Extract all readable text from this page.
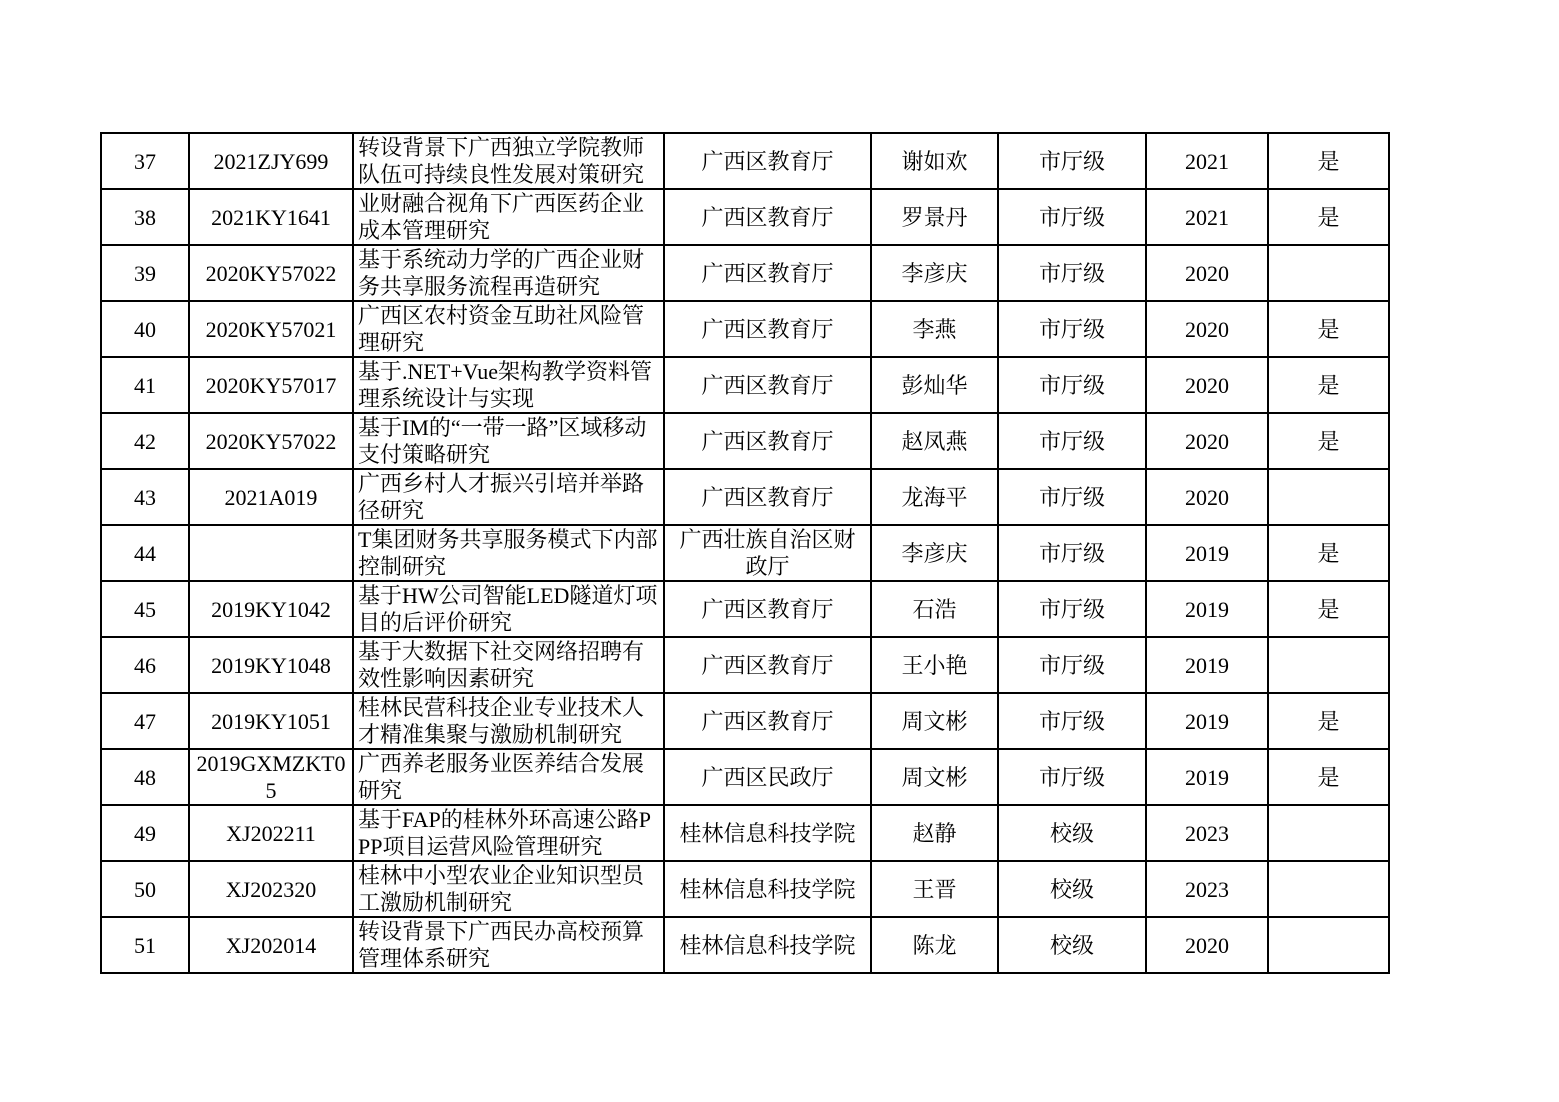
37	2021ZJY699	转设背景下广西独立学院教师队伍可持续良性发展对策研究	广西区教育厅	谢如欢	市厅级	2021	是
38	2021KY1641	业财融合视角下广西医药企业成本管理研究	广西区教育厅	罗景丹	市厅级	2021	是
39	2020KY57022	基于系统动力学的广西企业财务共享服务流程再造研究	广西区教育厅	李彦庆	市厅级	2020	
40	2020KY57021	广西区农村资金互助社风险管理研究	广西区教育厅	李燕	市厅级	2020	是
41	2020KY57017	基于.NET+Vue架构教学资料管理系统设计与实现	广西区教育厅	彭灿华	市厅级	2020	是
42	2020KY57022	基于IM的“一带一路”区域移动支付策略研究	广西区教育厅	赵凤燕	市厅级	2020	是
43	2021A019	广西乡村人才振兴引培并举路径研究	广西区教育厅	龙海平	市厅级	2020	
44		T集团财务共享服务模式下内部控制研究	广西壮族自治区财政厅	李彦庆	市厅级	2019	是
45	2019KY1042	基于HW公司智能LED隧道灯项目的后评价研究	广西区教育厅	石浩	市厅级	2019	是
46	2019KY1048	基于大数据下社交网络招聘有效性影响因素研究	广西区教育厅	王小艳	市厅级	2019	
47	2019KY1051	桂林民营科技企业专业技术人才精准集聚与激励机制研究	广西区教育厅	周文彬	市厅级	2019	是
48	2019GXMZKT05	广西养老服务业医养结合发展研究	广西区民政厅	周文彬	市厅级	2019	是
49	XJ202211	基于FAP的桂林外环高速公路PPP项目运营风险管理研究	桂林信息科技学院	赵静	校级	2023	
50	XJ202320	桂林中小型农业企业知识型员工激励机制研究	桂林信息科技学院	王晋	校级	2023	
51	XJ202014	转设背景下广西民办高校预算管理体系研究	桂林信息科技学院	陈龙	校级	2020	
